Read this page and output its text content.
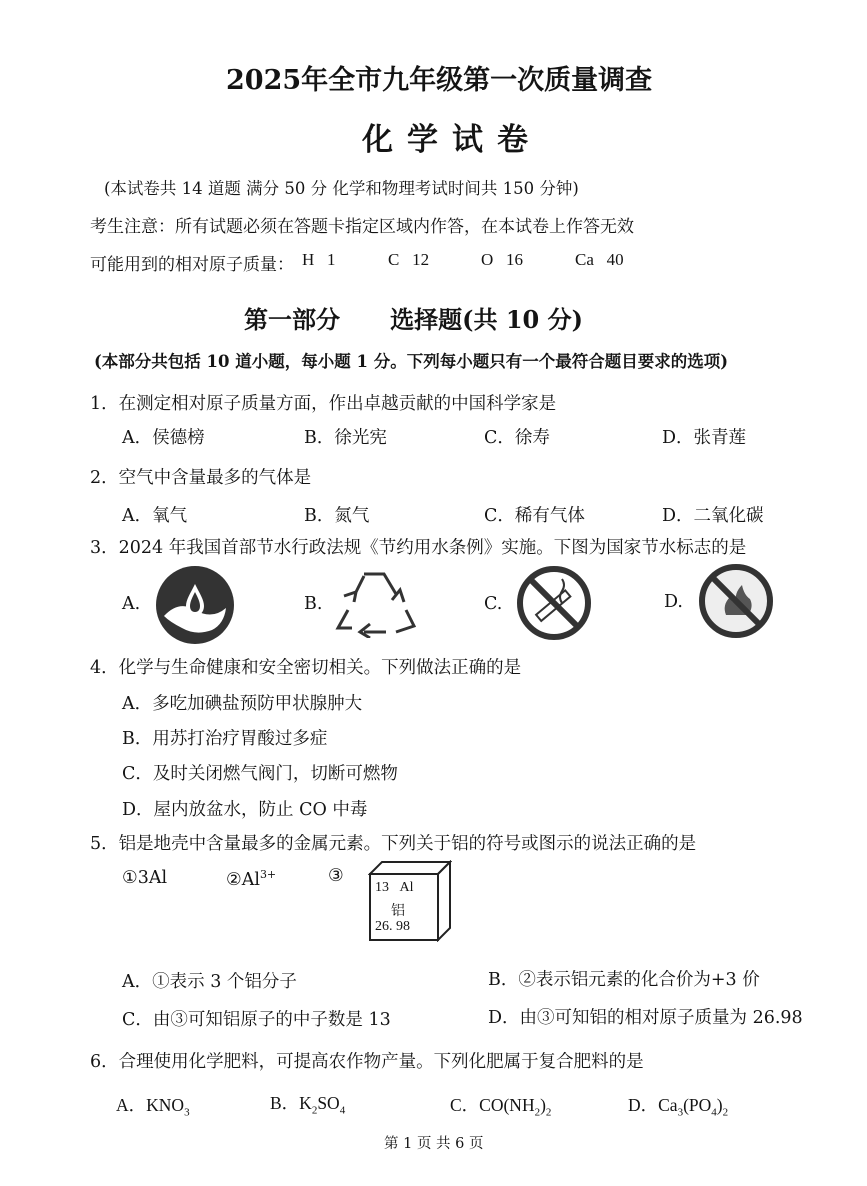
2025年全市九年级第一次质量调查
化学试卷
(本试卷共 14 道题 满分 50 分 化学和物理考试时间共 150 分钟)
考生注意：所有试题必须在答题卡指定区域内作答，在本试卷上作答无效
可能用到的相对原子质量： H 1	C 12	O 16	Ca 40
第一部分      选择题(共 10 分)
(本部分共包括 10 道小题，每小题 1 分。下列每小题只有一个最符合题目要求的选项)
1．在测定相对原子质量方面，作出卓越贡献的中国科学家是
A．侯德榜	B．徐光宪	C．徐寿	D．张青莲
2．空气中含量最多的气体是
A．氧气	B．氮气	C．稀有气体	D．二氧化碳
3．2024 年我国首部节水行政法规《节约用水条例》实施。下图为国家节水标志的是
A.	B.	C.	D.
4．化学与生命健康和安全密切相关。下列做法正确的是
A．多吃加碘盐预防甲状腺肿大
B．用苏打治疗胃酸过多症
C．及时关闭燃气阀门，切断可燃物
D．屋内放盆水，防止 CO 中毒
5．铝是地壳中含量最多的金属元素。下列关于铝的符号或图示的说法正确的是
①3Al	$②Al^{3+}$	③
13 Al
铝
26. 98
A．①表示 3 个铝分子	B．②表示铝元素的化合价为+3 价
C．由③可知铝原子的中子数是 13	D．由③可知铝的相对原子质量为 26.98
6．合理使用化学肥料，可提高农作物产量。下列化肥属于复合肥料的是
A．$KNO_3$	B．$K_2SO_4$	C．$CO(NH_2)_2$	D．$Ca_3(PO_4)_2$
第 1 页 共 6 页
